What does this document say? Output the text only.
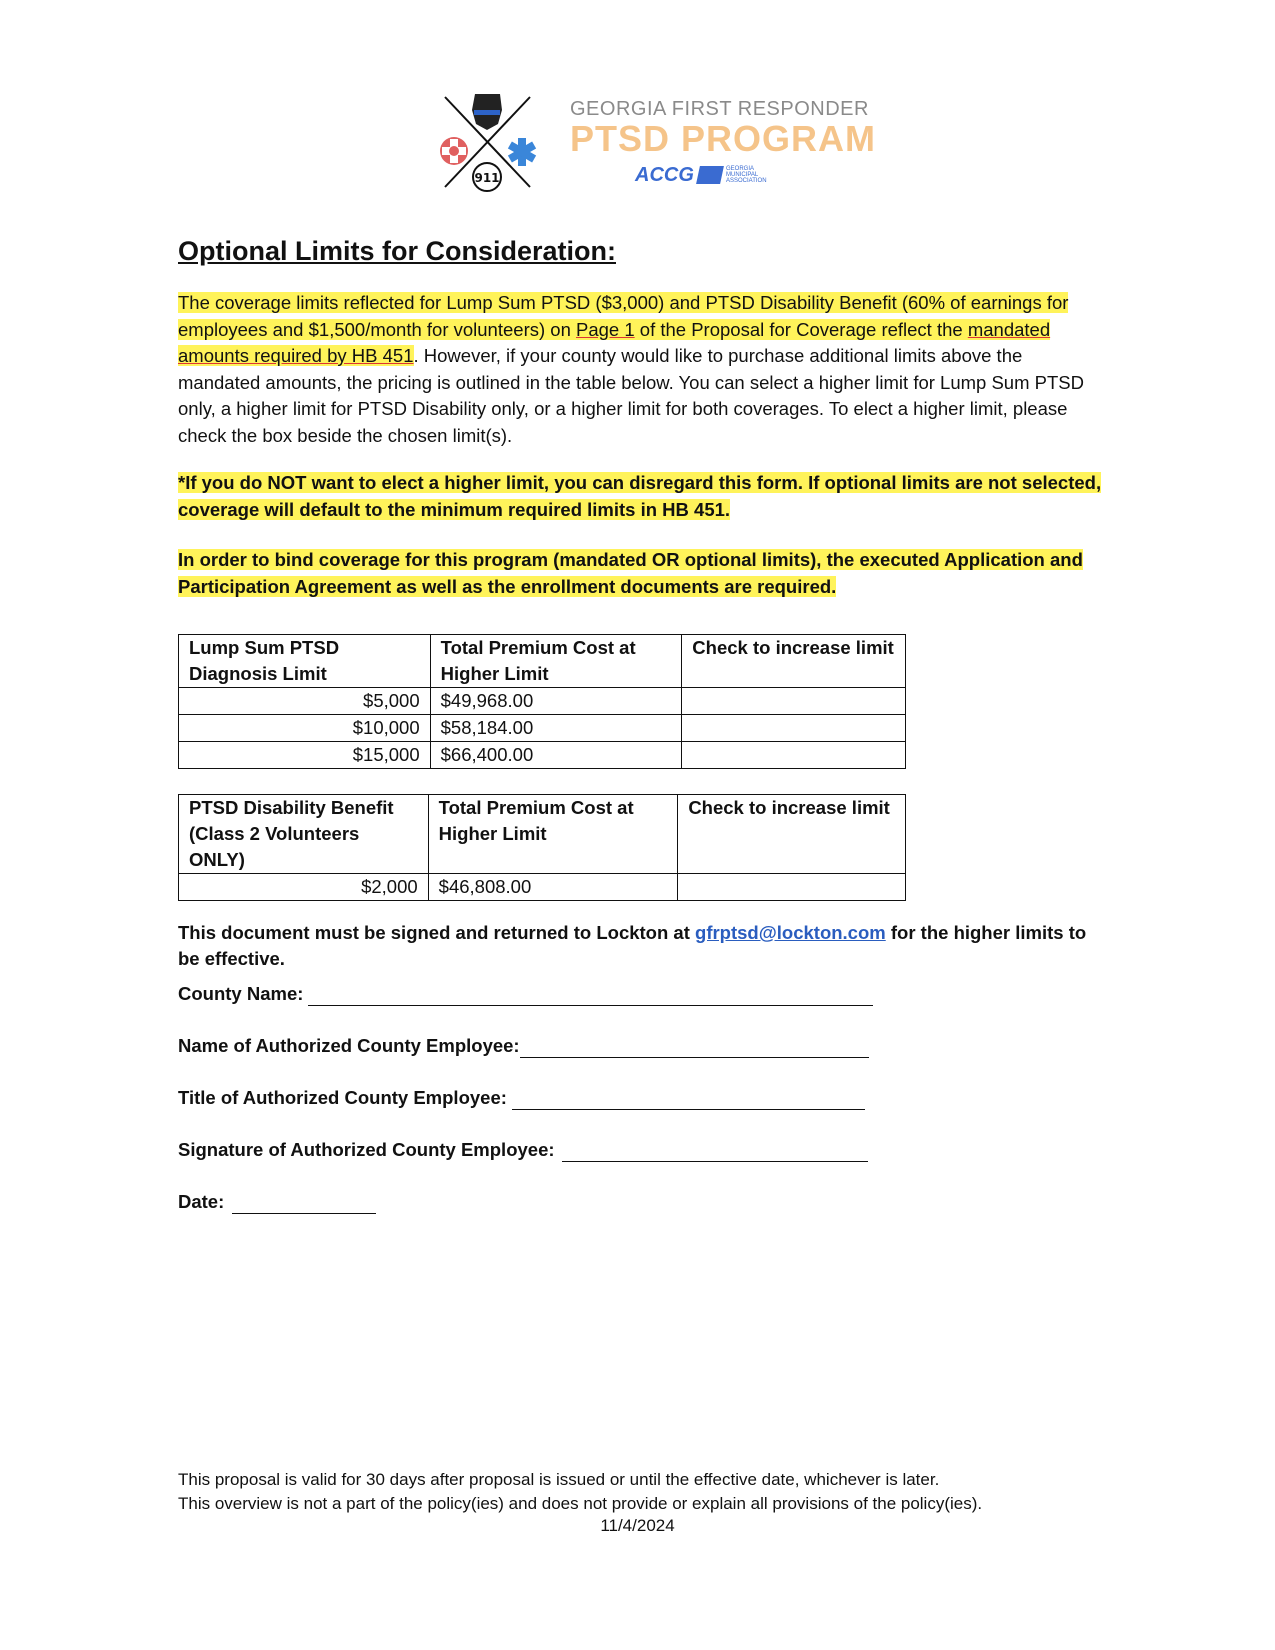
911
GEORGIA FIRST RESPONDER
PTSD PROGRAM
ACCG	GEORGIA MUNICIPAL ASSOCIATION
Optional Limits for Consideration:

The coverage limits reflected for Lump Sum PTSD ($3,000) and PTSD Disability Benefit (60% of earnings for employees and $1,500/month for volunteers) on Page 1 of the Proposal for Coverage reflect the mandated amounts required by HB 451. However, if your county would like to purchase additional limits above the mandated amounts, the pricing is outlined in the table below. You can select a higher limit for Lump Sum PTSD only, a higher limit for PTSD Disability only, or a higher limit for both coverages. To elect a higher limit, please check the box beside the chosen limit(s).

*If you do NOT want to elect a higher limit, you can disregard this form. If optional limits are not selected, coverage will default to the minimum required limits in HB 451.

In order to bind coverage for this program (mandated OR optional limits), the executed Application and Participation Agreement as well as the enrollment documents are required.

Lump Sum PTSD Diagnosis Limit	Total Premium Cost at Higher Limit	Check to increase limit
$5,000	$49,968.00	
$10,000	$58,184.00	
$15,000	$66,400.00	
PTSD Disability Benefit (Class 2 Volunteers ONLY)	Total Premium Cost at Higher Limit	Check to increase limit
$2,000	$46,808.00	

This document must be signed and returned to Lockton at gfrptsd@lockton.com for the higher limits to be effective.

County Name:
Name of Authorized County Employee:
Title of Authorized County Employee:
Signature of Authorized County Employee:
Date:

This proposal is valid for 30 days after proposal is issued or until the effective date, whichever is later.
This overview is not a part of the policy(ies) and does not provide or explain all provisions of the policy(ies).

11/4/2024
